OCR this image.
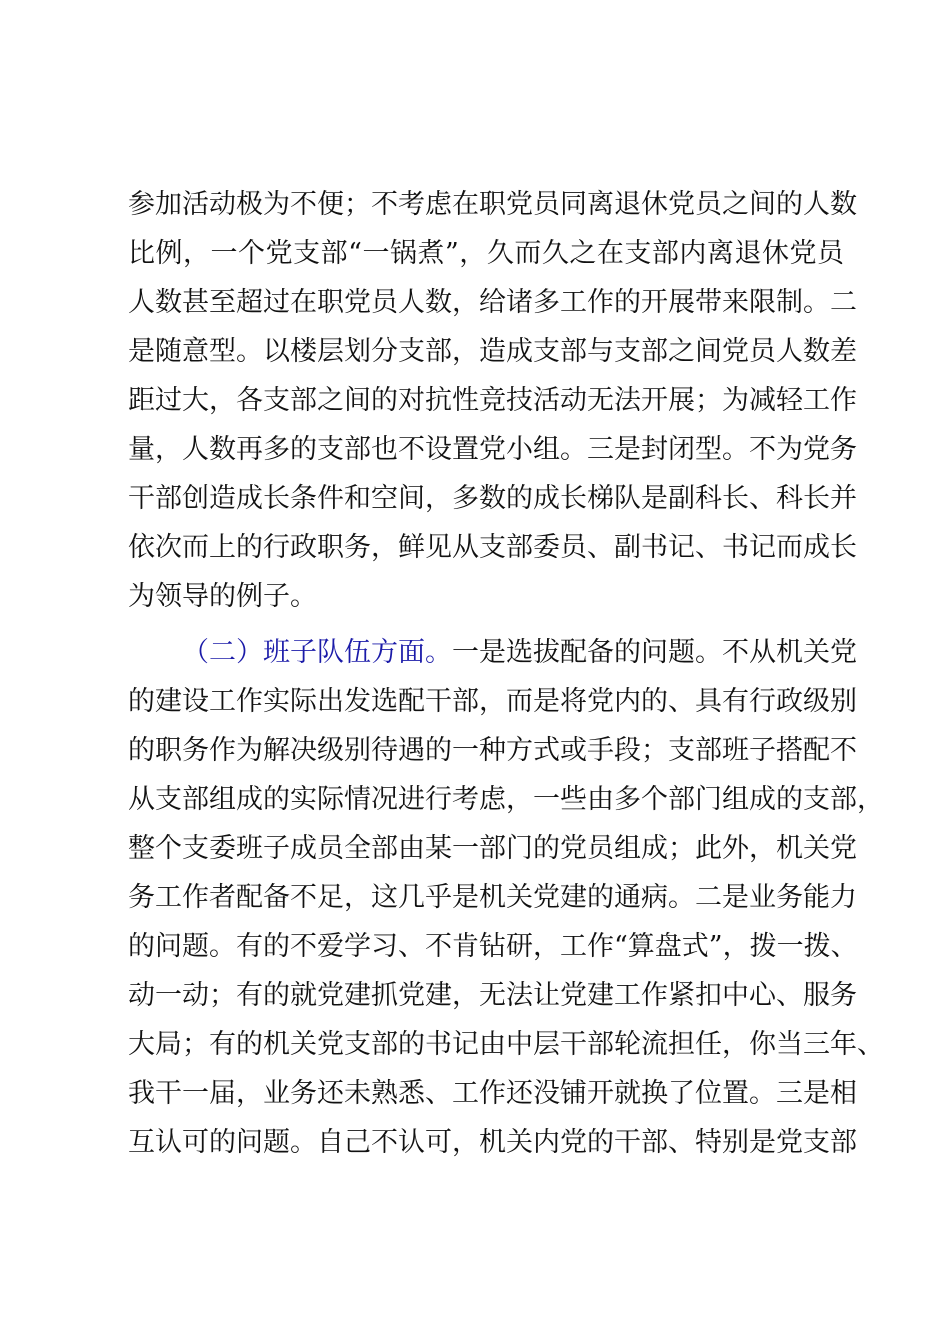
参加活动极为不便；不考虑在职党员同离退休党员之间的人数
比例，一个党支部“一锅煮”，久而久之在支部内离退休党员
人数甚至超过在职党员人数，给诸多工作的开展带来限制。二
是随意型。以楼层划分支部，造成支部与支部之间党员人数差
距过大，各支部之间的对抗性竞技活动无法开展；为减轻工作
量，人数再多的支部也不设置党小组。三是封闭型。不为党务
干部创造成长条件和空间，多数的成长梯队是副科长、科长并
依次而上的行政职务，鲜见从支部委员、副书记、书记而成长
为领导的例子。
（二）班子队伍方面。一是选拔配备的问题。不从机关党
的建设工作实际出发选配干部，而是将党内的、具有行政级别
的职务作为解决级别待遇的一种方式或手段；支部班子搭配不
从支部组成的实际情况进行考虑，一些由多个部门组成的支部，
整个支委班子成员全部由某一部门的党员组成；此外，机关党
务工作者配备不足，这几乎是机关党建的通病。二是业务能力
的问题。有的不爱学习、不肯钻研，工作“算盘式”，拨一拨、
动一动；有的就党建抓党建，无法让党建工作紧扣中心、服务
大局；有的机关党支部的书记由中层干部轮流担任，你当三年、
我干一届，业务还未熟悉、工作还没铺开就换了位置。三是相
互认可的问题。自己不认可，机关内党的干部、特别是党支部
